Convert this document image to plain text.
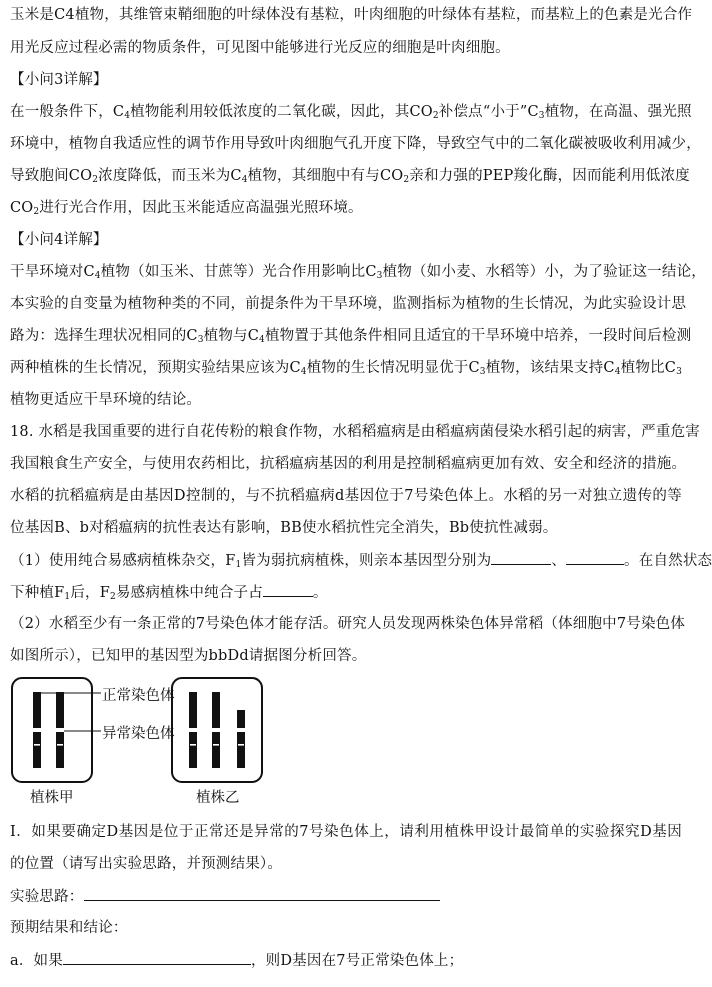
玉米是C4植物，其维管束鞘细胞的叶绿体没有基粒，叶肉细胞的叶绿体有基粒，而基粒上的色素是光合作
用光反应过程必需的物质条件，可见图中能够进行光反应的细胞是叶肉细胞。
【小问3详解】
在一般条件下，$C_4$植物能利用较低浓度的二氧化碳，因此，其$CO_2$补偿点“小于$”C_3$植物，在高温、强光照
环境中，植物自我适应性的调节作用导致叶肉细胞气孔开度下降，导致空气中的二氧化碳被吸收利用减少，
导致胞间$CO_2$浓度降低，而玉米为$C_4$植物，其细胞中有与$CO_2$亲和力强的PEP羧化酶，因而能利用低浓度
$CO_2$进行光合作用，因此玉米能适应高温强光照环境。
【小问4详解】
干旱环境对$C_4$植物（如玉米、甘蔗等）光合作用影响比$C_3$植物（如小麦、水稻等）小，为了验证这一结论，
本实验的自变量为植物种类的不同，前提条件为干旱环境，监测指标为植物的生长情况，为此实验设计思
路为：选择生理状况相同的$C_3$植物与$C_4$植物置于其他条件相同且适宜的干旱环境中培养，一段时间后检测
两种植株的生长情况，预期实验结果应该为$C_4$植物的生长情况明显优于$C_3$植物，该结果支持$C_4$植物比$C_3$
植物更适应干旱环境的结论。
18. 水稻是我国重要的进行自花传粉的粮食作物，水稻稻瘟病是由稻瘟病菌侵染水稻引起的病害，严重危害
我国粮食生产安全，与使用农药相比，抗稻瘟病基因的利用是控制稻瘟病更加有效、安全和经济的措施。
水稻的抗稻瘟病是由基因D控制的，与不抗稻瘟病d基因位于7号染色体上。水稻的另一对独立遗传的等
位基因B、b对稻瘟病的抗性表达有影响，BB使水稻抗性完全消失，Bb使抗性减弱。
（1）使用纯合易感病植株杂交，$F_1$皆为弱抗病植株，则亲本基因型分别为	、	。在自然状态
下种植$F_1$后，$F_2$易感病植株中纯合子占	。
（2）水稻至少有一条正常的7号染色体才能存活。研究人员发现两株染色体异常稻（体细胞中7号染色体
如图所示），已知甲的基因型为bbDd请据图分析回答。
正常染色体
异常染色体
植株甲	植株乙
Ⅰ．如果要确定D基因是位于正常还是异常的7号染色体上，请利用植株甲设计最简单的实验探究D基因
的位置（请写出实验思路，并预测结果）。
实验思路：
预期结果和结论：
a．如果	，则D基因在7号正常染色体上；
